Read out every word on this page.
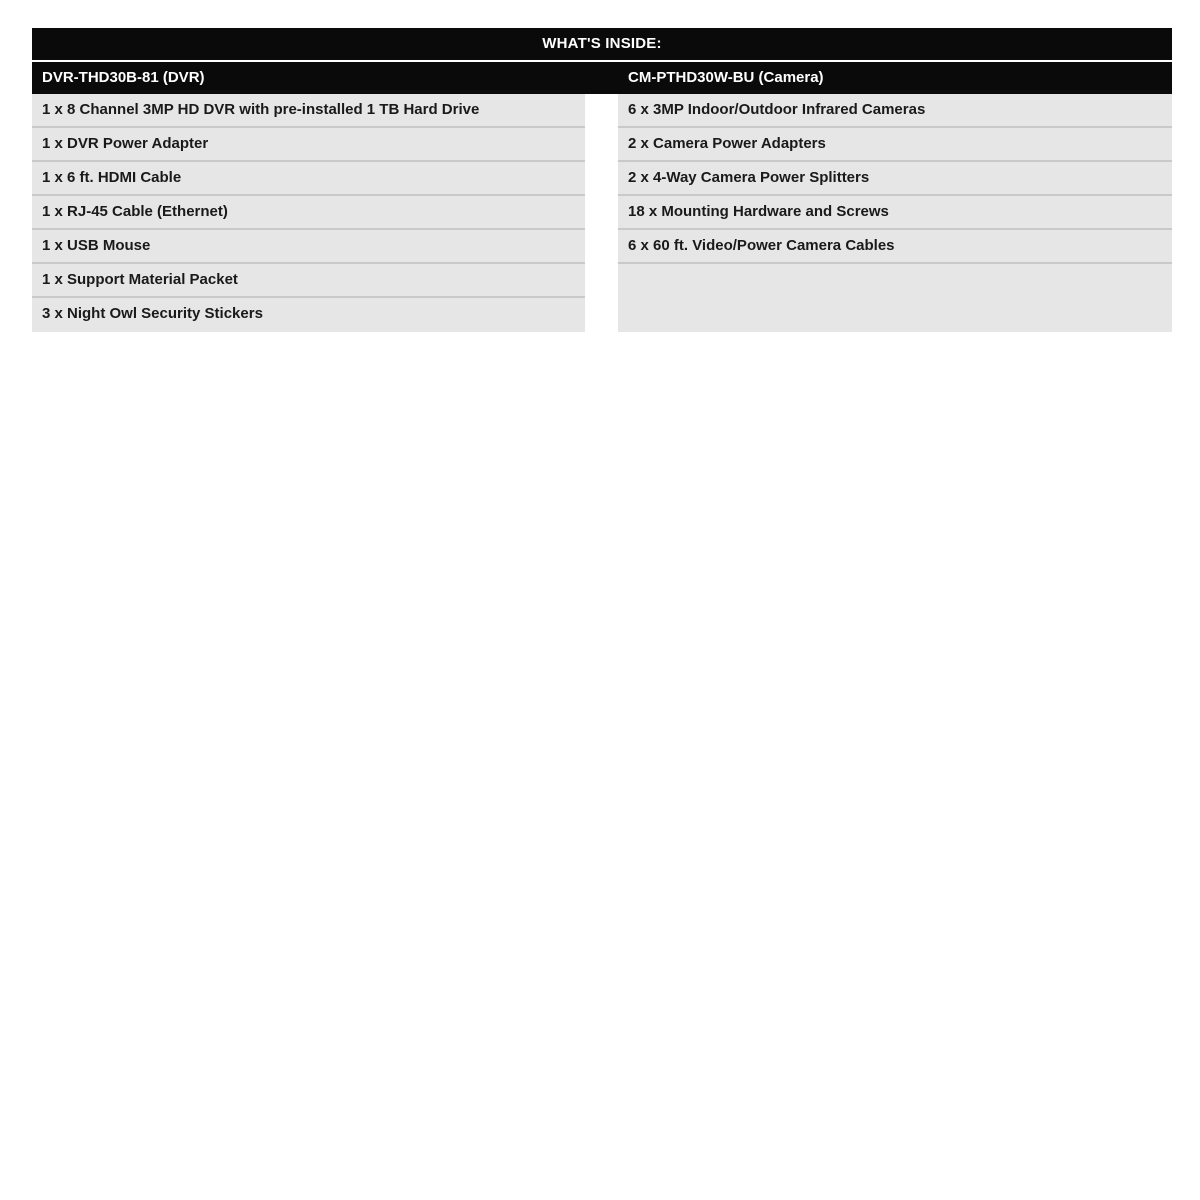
WHAT'S INSIDE:
DVR-THD30B-81 (DVR)	CM-PTHD30W-BU (Camera)
1 x 8 Channel 3MP HD DVR with pre-installed 1 TB Hard Drive
1 x DVR Power Adapter
1 x 6 ft. HDMI Cable
1 x RJ-45 Cable (Ethernet)
1 x USB Mouse
1 x Support Material Packet
3 x Night Owl Security Stickers
6 x 3MP Indoor/Outdoor Infrared Cameras
2 x Camera Power Adapters
2 x 4-Way Camera Power Splitters
18 x Mounting Hardware and Screws
6 x 60 ft. Video/Power Camera Cables
